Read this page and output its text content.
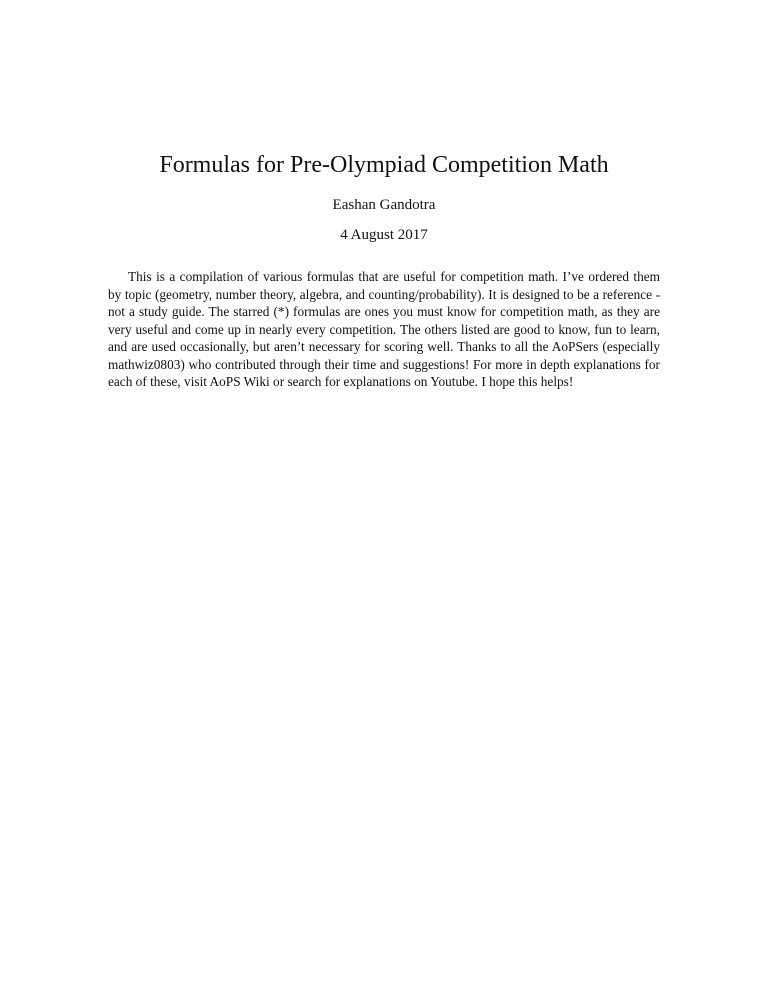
Formulas for Pre-Olympiad Competition Math
Eashan Gandotra
4 August 2017

This is a compilation of various formulas that are useful for competition math. I’ve ordered them by topic (geometry, number theory, algebra, and counting/probability). It is designed to be a reference - not a study guide. The starred (*) formulas are ones you must know for competition math, as they are very useful and come up in nearly every competition. The others listed are good to know, fun to learn, and are used occasionally, but aren’t necessary for scoring well. Thanks to all the AoPSers (especially mathwiz0803) who contributed through their time and suggestions! For more in depth explanations for each of these, visit AoPS Wiki or search for explanations on Youtube. I hope this helps!
